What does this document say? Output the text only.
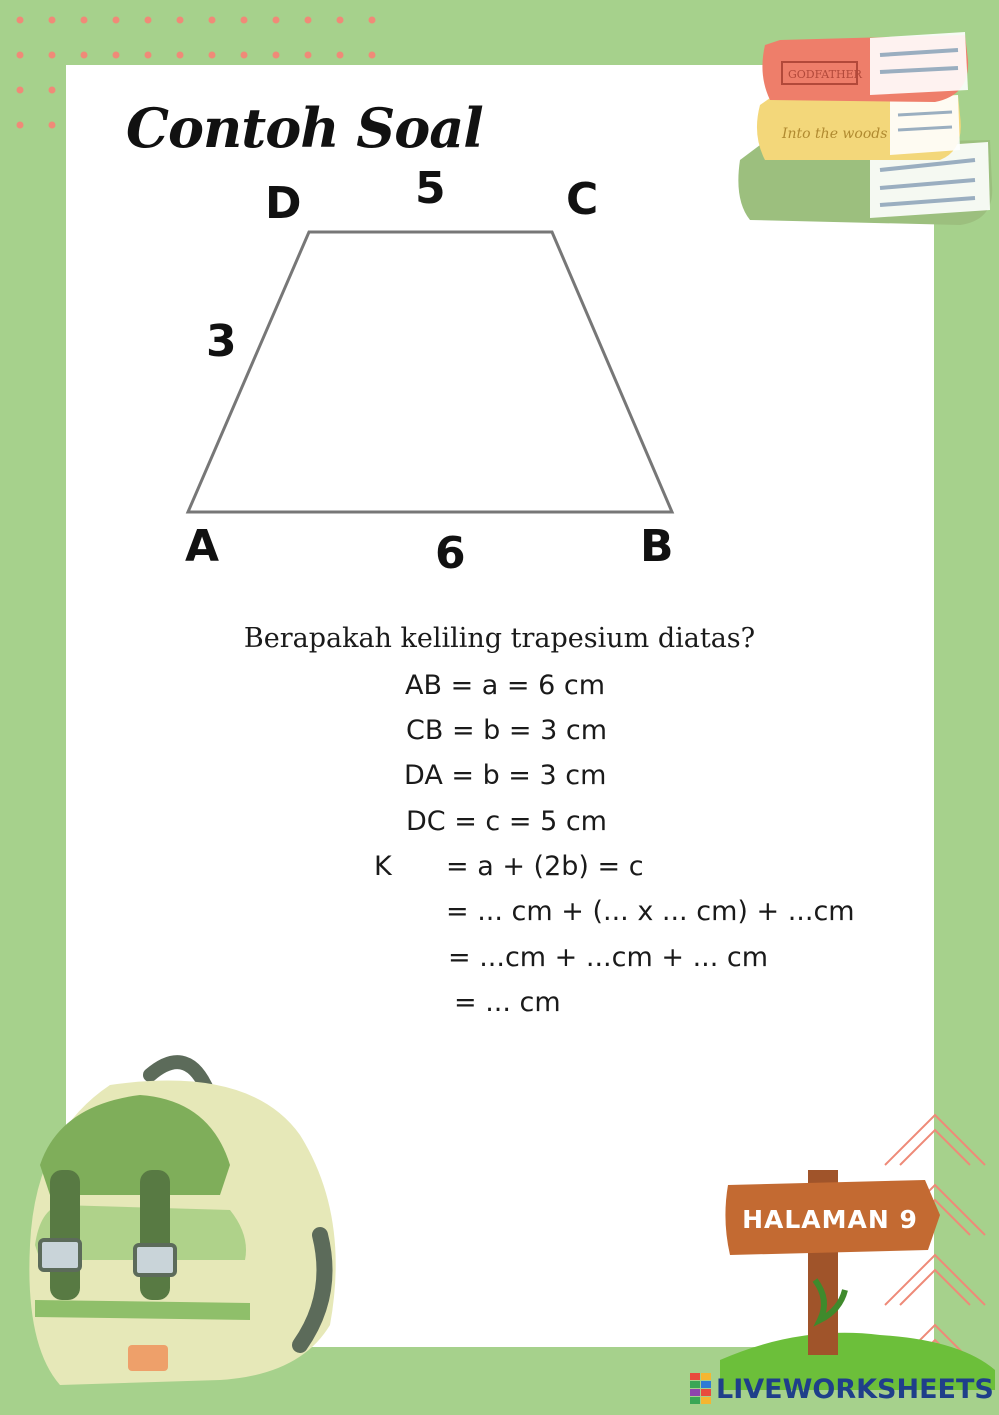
Contoh Soal	Into the woods
GODFATHER
D	C
A	B
5
3
6
Berapakah keliling trapesium diatas?
AB = a = 6 cm
CB = b = 3 cm
DA = b = 3 cm
DC = c = 5 cm
K = a + (2b) = c
= ... cm + (... x ... cm) + ...cm
= ...cm + ...cm + ... cm
= ... cm
HALAMAN 9
LIVEWORKSHEETS
